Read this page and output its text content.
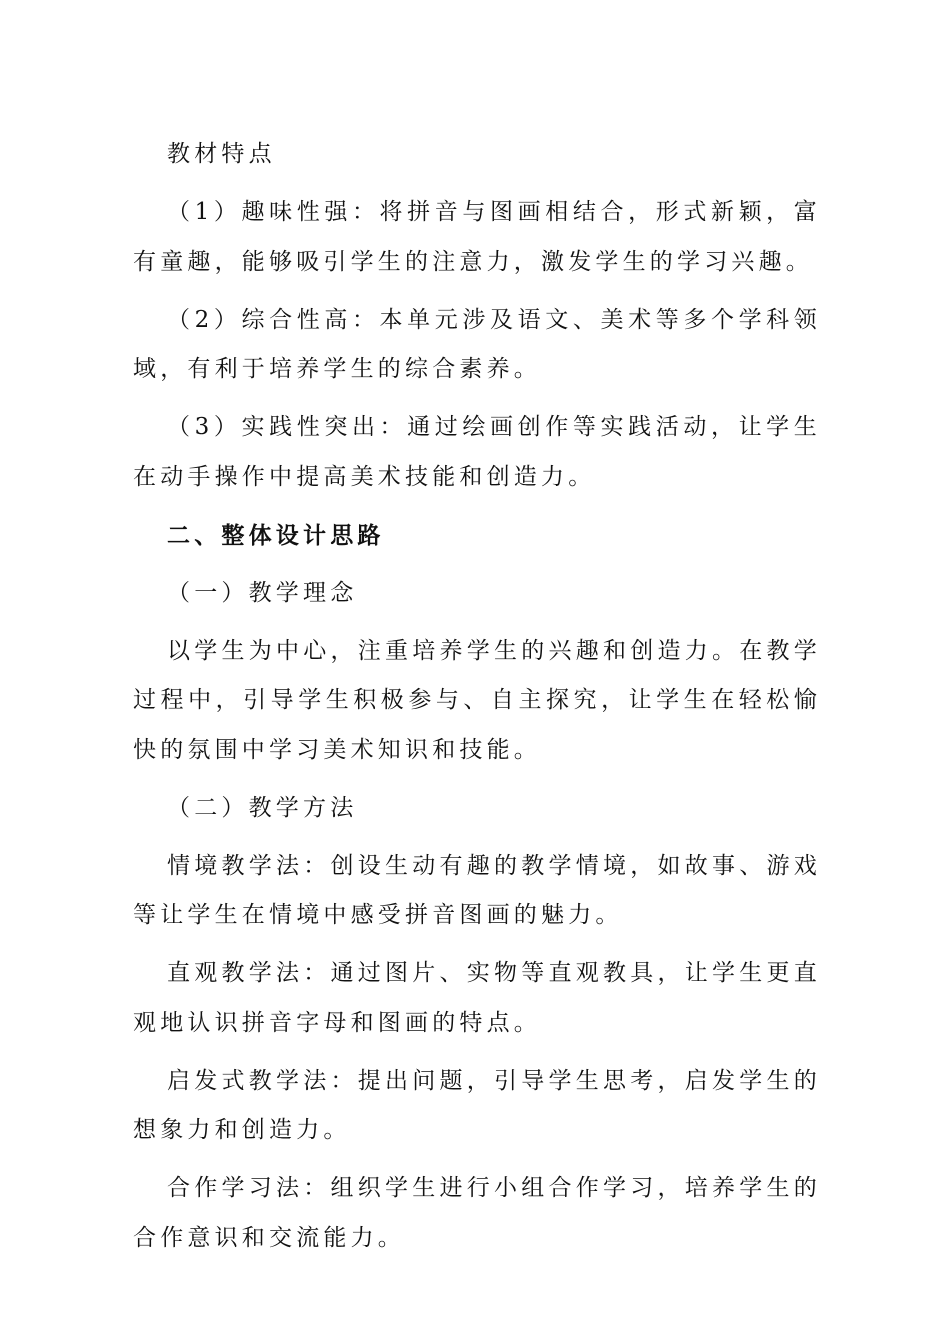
教材特点

（1）趣味性强：将拼音与图画相结合，形式新颖，富有童趣，能够吸引学生的注意力，激发学生的学习兴趣。

（2）综合性高：本单元涉及语文、美术等多个学科领域，有利于培养学生的综合素养。

（3）实践性突出：通过绘画创作等实践活动，让学生在动手操作中提高美术技能和创造力。

二、整体设计思路

（一）教学理念

以学生为中心，注重培养学生的兴趣和创造力。在教学过程中，引导学生积极参与、自主探究，让学生在轻松愉快的氛围中学习美术知识和技能。

（二）教学方法

情境教学法：创设生动有趣的教学情境，如故事、游戏等让学生在情境中感受拼音图画的魅力。

直观教学法：通过图片、实物等直观教具，让学生更直观地认识拼音字母和图画的特点。

启发式教学法：提出问题，引导学生思考，启发学生的想象力和创造力。

合作学习法：组织学生进行小组合作学习，培养学生的合作意识和交流能力。
